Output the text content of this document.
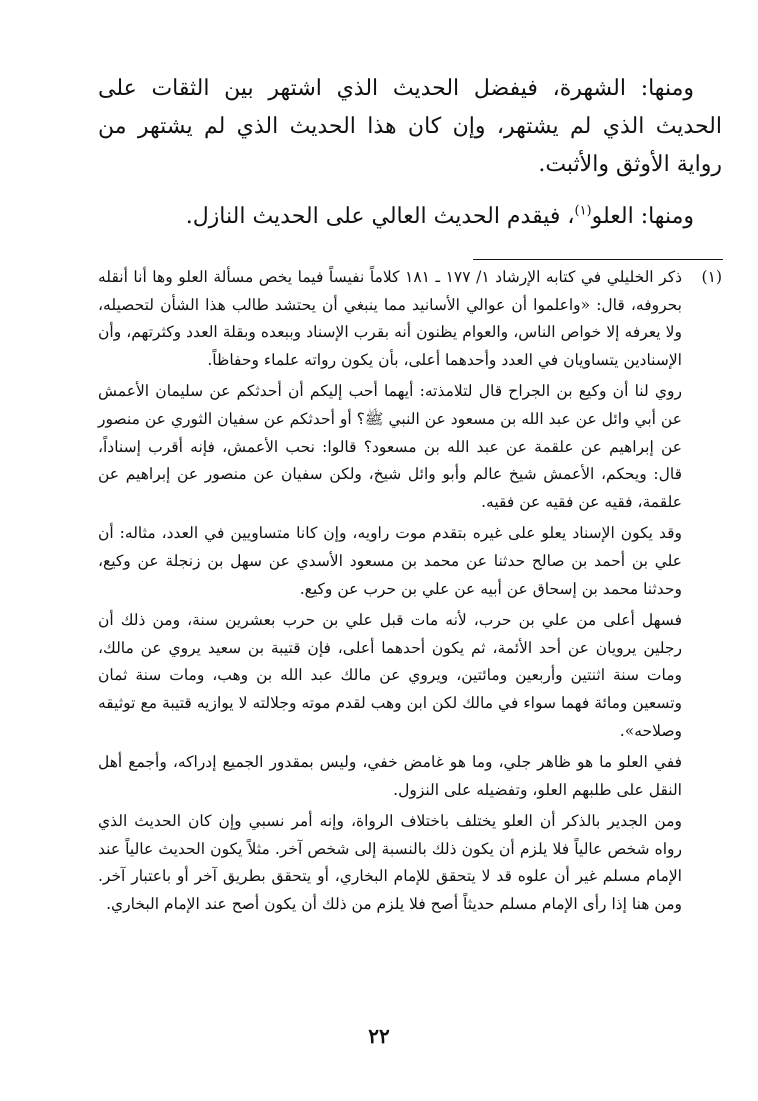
ومنها: الشهرة، فيفضل الحديث الذي اشتهر بين الثقات على الحديث الذي لم يشتهر، وإن كان هذا الحديث الذي لم يشتهر من رواية الأوثق والأثبت.

ومنها: العلو$^{(١)}$، فيقدم الحديث العالي على الحديث النازل.

(١)

ذكر الخليلي في كتابه الإرشاد ١/ ١٧٧ ـ ١٨١ كلاماً نفيساً فيما يخص مسألة العلو وها أنا أنقله بحروفه، قال: «واعلموا أن عوالي الأسانيد مما ينبغي أن يحتشد طالب هذا الشأن لتحصيله، ولا يعرفه إلا خواص الناس، والعوام يظنون أنه بقرب الإسناد وببعده وبقلة العدد وكثرتهم، وأن الإسنادين يتساويان في العدد وأحدهما أعلى، بأن يكون رواته علماء وحفاظاً.

روي لنا أن وكيع بن الجراح قال لتلامذته: أيهما أحب إليكم أن أحدثكم عن سليمان الأعمش عن أبي وائل عن عبد الله بن مسعود عن النبي ﷺ؟ أو أحدثكم عن سفيان الثوري عن منصور عن إبراهيم عن علقمة عن عبد الله بن مسعود؟ قالوا: نحب الأعمش، فإنه أقرب إسناداً، قال: ويحكم، الأعمش شيخ عالم وأبو وائل شيخ، ولكن سفيان عن منصور عن إبراهيم عن علقمة، فقيه عن فقيه عن فقيه.

وقد يكون الإسناد يعلو على غيره بتقدم موت راويه، وإن كانا متساويين في العدد، مثاله: أن علي بن أحمد بن صالح حدثنا عن محمد بن مسعود الأسدي عن سهل بن زنجلة عن وكيع، وحدثنا محمد بن إسحاق عن أبيه عن علي بن حرب عن وكيع.

فسهل أعلى من علي بن حرب، لأنه مات قبل علي بن حرب بعشرين سنة، ومن ذلك أن رجلين يرويان عن أحد الأئمة، ثم يكون أحدهما أعلى، فإن قتيبة بن سعيد يروي عن مالك، ومات سنة اثنتين وأربعين ومائتين، ويروي عن مالك عبد الله بن وهب، ومات سنة ثمان وتسعين ومائة فهما سواء في مالك لكن ابن وهب لقدم موته وجلالته لا يوازيه قتيبة مع توثيقه وصلاحه».

ففي العلو ما هو ظاهر جلي، وما هو غامض خفي، وليس بمقدور الجميع إدراكه، وأجمع أهل النقل على طلبهم العلو، وتفضيله على النزول.

ومن الجدير بالذكر أن العلو يختلف باختلاف الرواة، وإنه أمر نسبي وإن كان الحديث الذي رواه شخص عالياً فلا يلزم أن يكون ذلك بالنسبة إلى شخص آخر. مثلاً يكون الحديث عالياً عند الإمام مسلم غير أن علوه قد لا يتحقق للإمام البخاري، أو يتحقق بطريق آخر أو باعتبار آخر. ومن هنا إذا رأى الإمام مسلم حديثاً أصح فلا يلزم من ذلك أن يكون أصح عند الإمام البخاري.

٢٢
